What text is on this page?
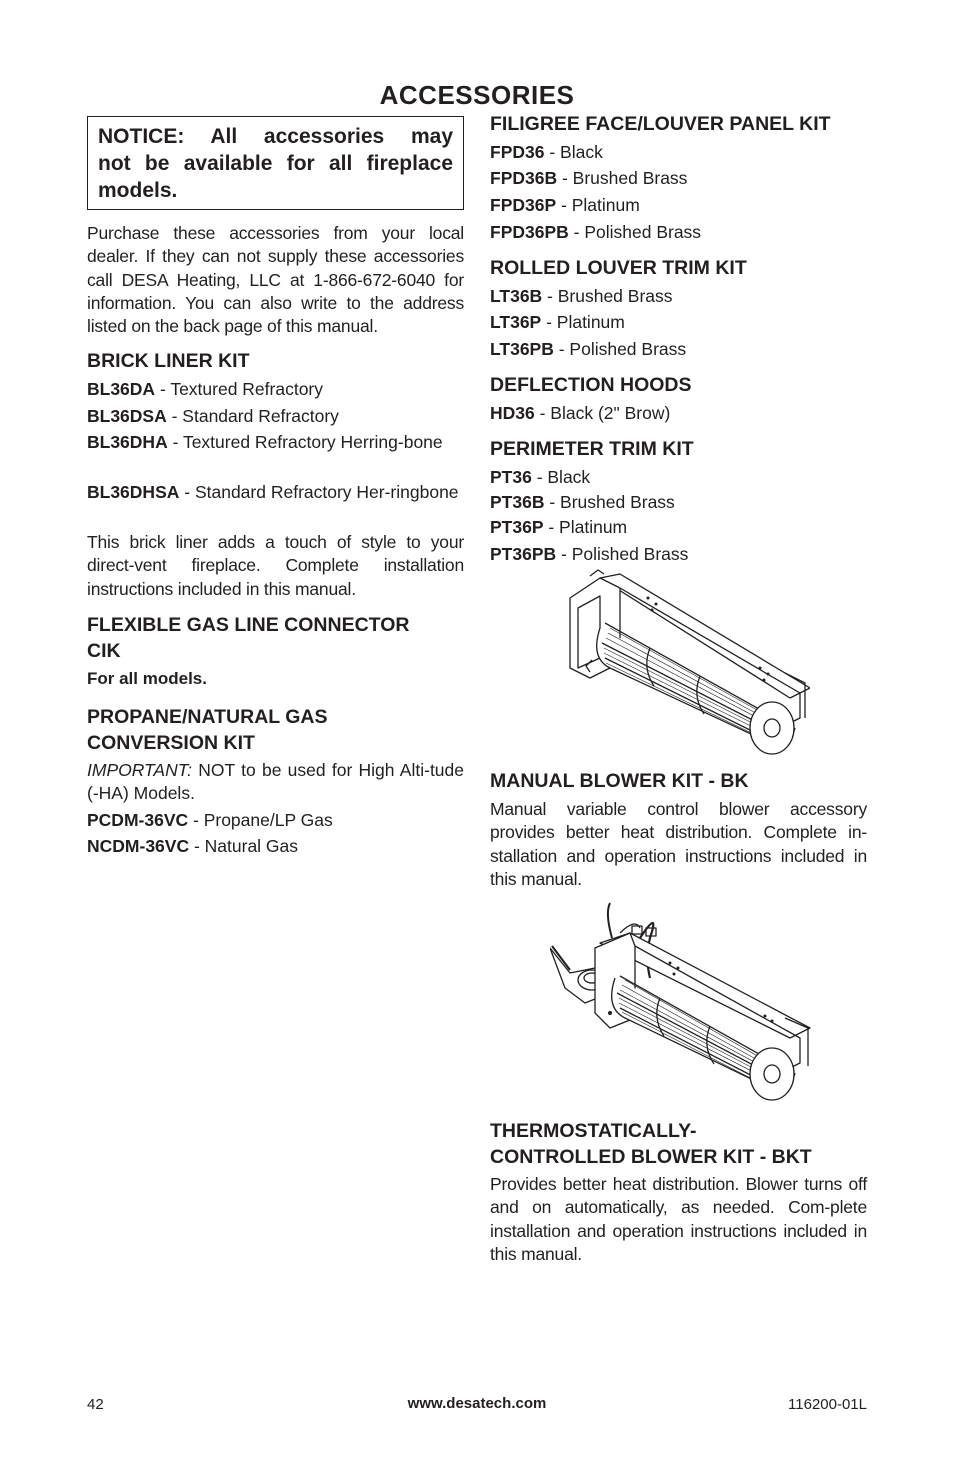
ACCESSORIES
NOTICE: All accessories may
not be available for all fireplace
models.
Purchase these accessories from your local dealer. If they can not supply these accessories call DESA Heating, LLC at 1-866-672-6040 for information. You can also write to the address listed on the back page of this manual.
BRICK LINER KIT
BL36DA - Textured Refractory
BL36DSA - Standard Refractory
BL36DHA - Textured Refractory Herring-bone
BL36DHSA - Standard Refractory Her-ringbone
This brick liner adds a touch of style to your direct-vent fireplace. Complete installation instructions included in this manual.
FLEXIBLE GAS LINE CONNECTOR
CIK
For all models.
PROPANE/NATURAL GAS
CONVERSION KIT
IMPORTANT: NOT to be used for High Alti-tude (-HA) Models.
PCDM-36VC - Propane/LP Gas
NCDM-36VC - Natural Gas
FILIGREE FACE/LOUVER PANEL KIT
FPD36 - Black
FPD36B - Brushed Brass
FPD36P - Platinum
FPD36PB - Polished Brass
ROLLED LOUVER TRIM KIT
LT36B - Brushed Brass
LT36P - Platinum
LT36PB - Polished Brass
DEFLECTION HOODS
HD36 - Black (2" Brow)
PERIMETER TRIM KIT
PT36 - Black
PT36B - Brushed Brass
PT36P - Platinum
PT36PB - Polished Brass
MANUAL BLOWER KIT - BK
Manual variable control blower accessory provides better heat distribution. Complete in-stallation and operation instructions included in this manual.
THERMOSTATICALLY-
CONTROLLED BLOWER KIT - BKT
Provides better heat distribution. Blower turns off and on automatically, as needed. Com-plete installation and operation instructions included in this manual.
42	www.desatech.com	116200-01L
